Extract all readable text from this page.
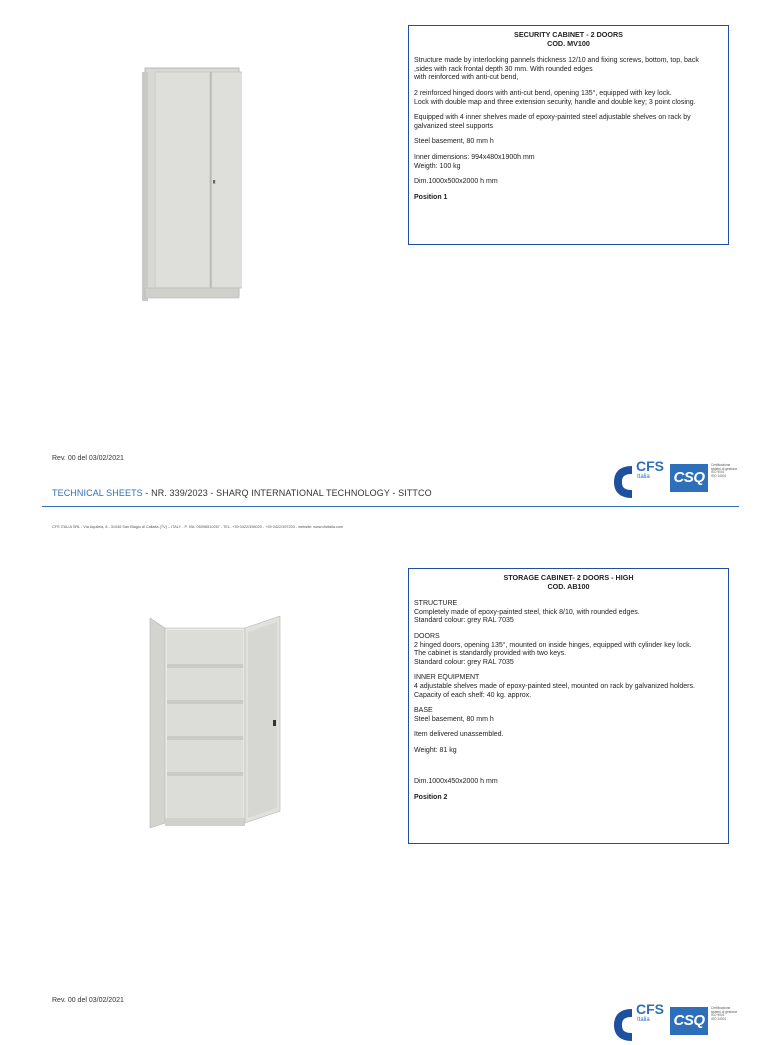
SECURITY CABINET - 2 DOORS
COD. MV100

Structure made by interlocking pannels thickness 12/10 and fixing screws, bottom, top, back
,sides with rack frontal depth 30 mm. With rounded edges
with reinforced with anti-cut bend,

2 reinforced hinged doors with anti-cut bend, opening 135°, equipped with key lock.
Lock with double map and three extension security, handle and double key; 3 point closing.

Equipped with 4 inner shelves made of epoxy-painted steel adjustable shelves on rack by
galvanized steel supports

Steel basement, 80 mm h

Inner dimensions: 994x480x1900h mm
Weigth: 100 kg

Dim.1000x500x2000 h mm

Position 1

Rev. 00 del 03/02/2021	CFS
Italia CSQ
Certificazione
sistemi di gestione
ISO 9001
ISO 14001
TECHNICAL SHEETS - NR. 339/2023 - SHARQ INTERNATIONAL TECHNOLOGY - SITTCO
CFS ITALIA SRL - Via Aquileia, 8 - 31046 San Biagio di Callalta (TV) – ITALY - P. IVA: 05096510267 - TEL. +39 0422/398020 - +39 0422/397203 - website: www.cfsitalia.com
STORAGE CABINET- 2 DOORS - HIGH
COD. AB100

STRUCTURE
Completely made of epoxy-painted steel, thick 8/10, with rounded edges.
Standard colour: grey RAL 7035

DOORS
2 hinged doors, opening 135°, mounted on inside hinges, equipped with cylinder key lock.
The cabinet is standardly provided with two keys.
Standard colour: grey RAL 7035

INNER EQUIPMENT
4 adjustable shelves made of epoxy-painted steel, mounted on rack by galvanized holders.
Capacity of each shelf: 40 kg. approx.

BASE
Steel basement, 80 mm h

Item delivered unassembled.

Weight: 81 kg

Dim.1000x450x2000 h mm

Position 2

Rev. 00 del 03/02/2021
CFS
Italia CSQ
Certificazione
sistemi di gestione
ISO 9001
ISO 14001
